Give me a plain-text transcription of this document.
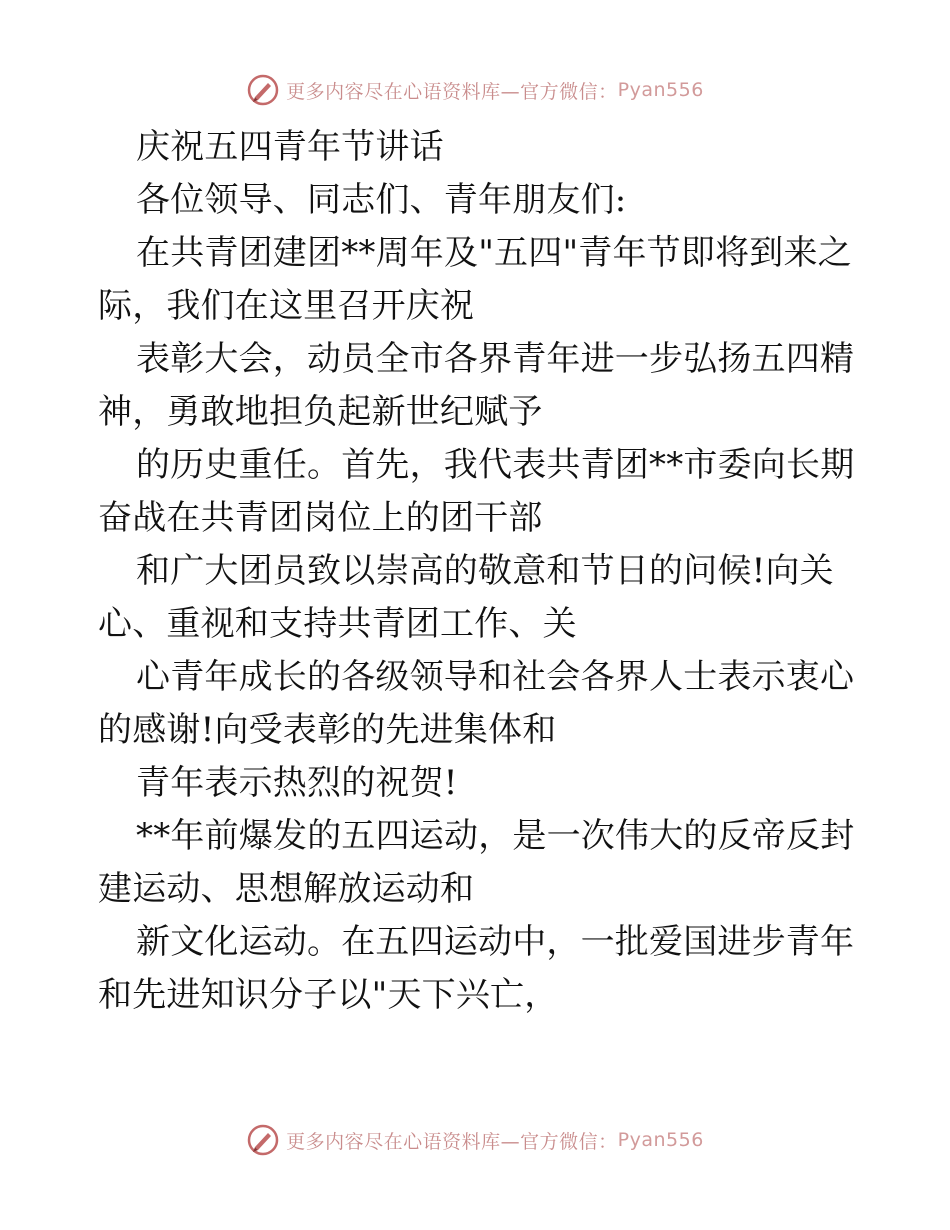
更多内容尽在心语资料库—官方微信： Pyan556
庆祝五四青年节讲话
各位领导、同志们、青年朋友们:
在共青团建团**周年及"五四"青年节即将到来之
际，我们在这里召开庆祝
表彰大会，动员全市各界青年进一步弘扬五四精
神，勇敢地担负起新世纪赋予
的历史重任。首先，我代表共青团**市委向长期
奋战在共青团岗位上的团干部
和广大团员致以崇高的敬意和节日的问候!向关
心、重视和支持共青团工作、关
心青年成长的各级领导和社会各界人士表示衷心
的感谢!向受表彰的先进集体和
青年表示热烈的祝贺!
**年前爆发的五四运动，是一次伟大的反帝反封
建运动、思想解放运动和
新文化运动。在五四运动中，一批爱国进步青年
和先进知识分子以"天下兴亡，
更多内容尽在心语资料库—官方微信： Pyan556
